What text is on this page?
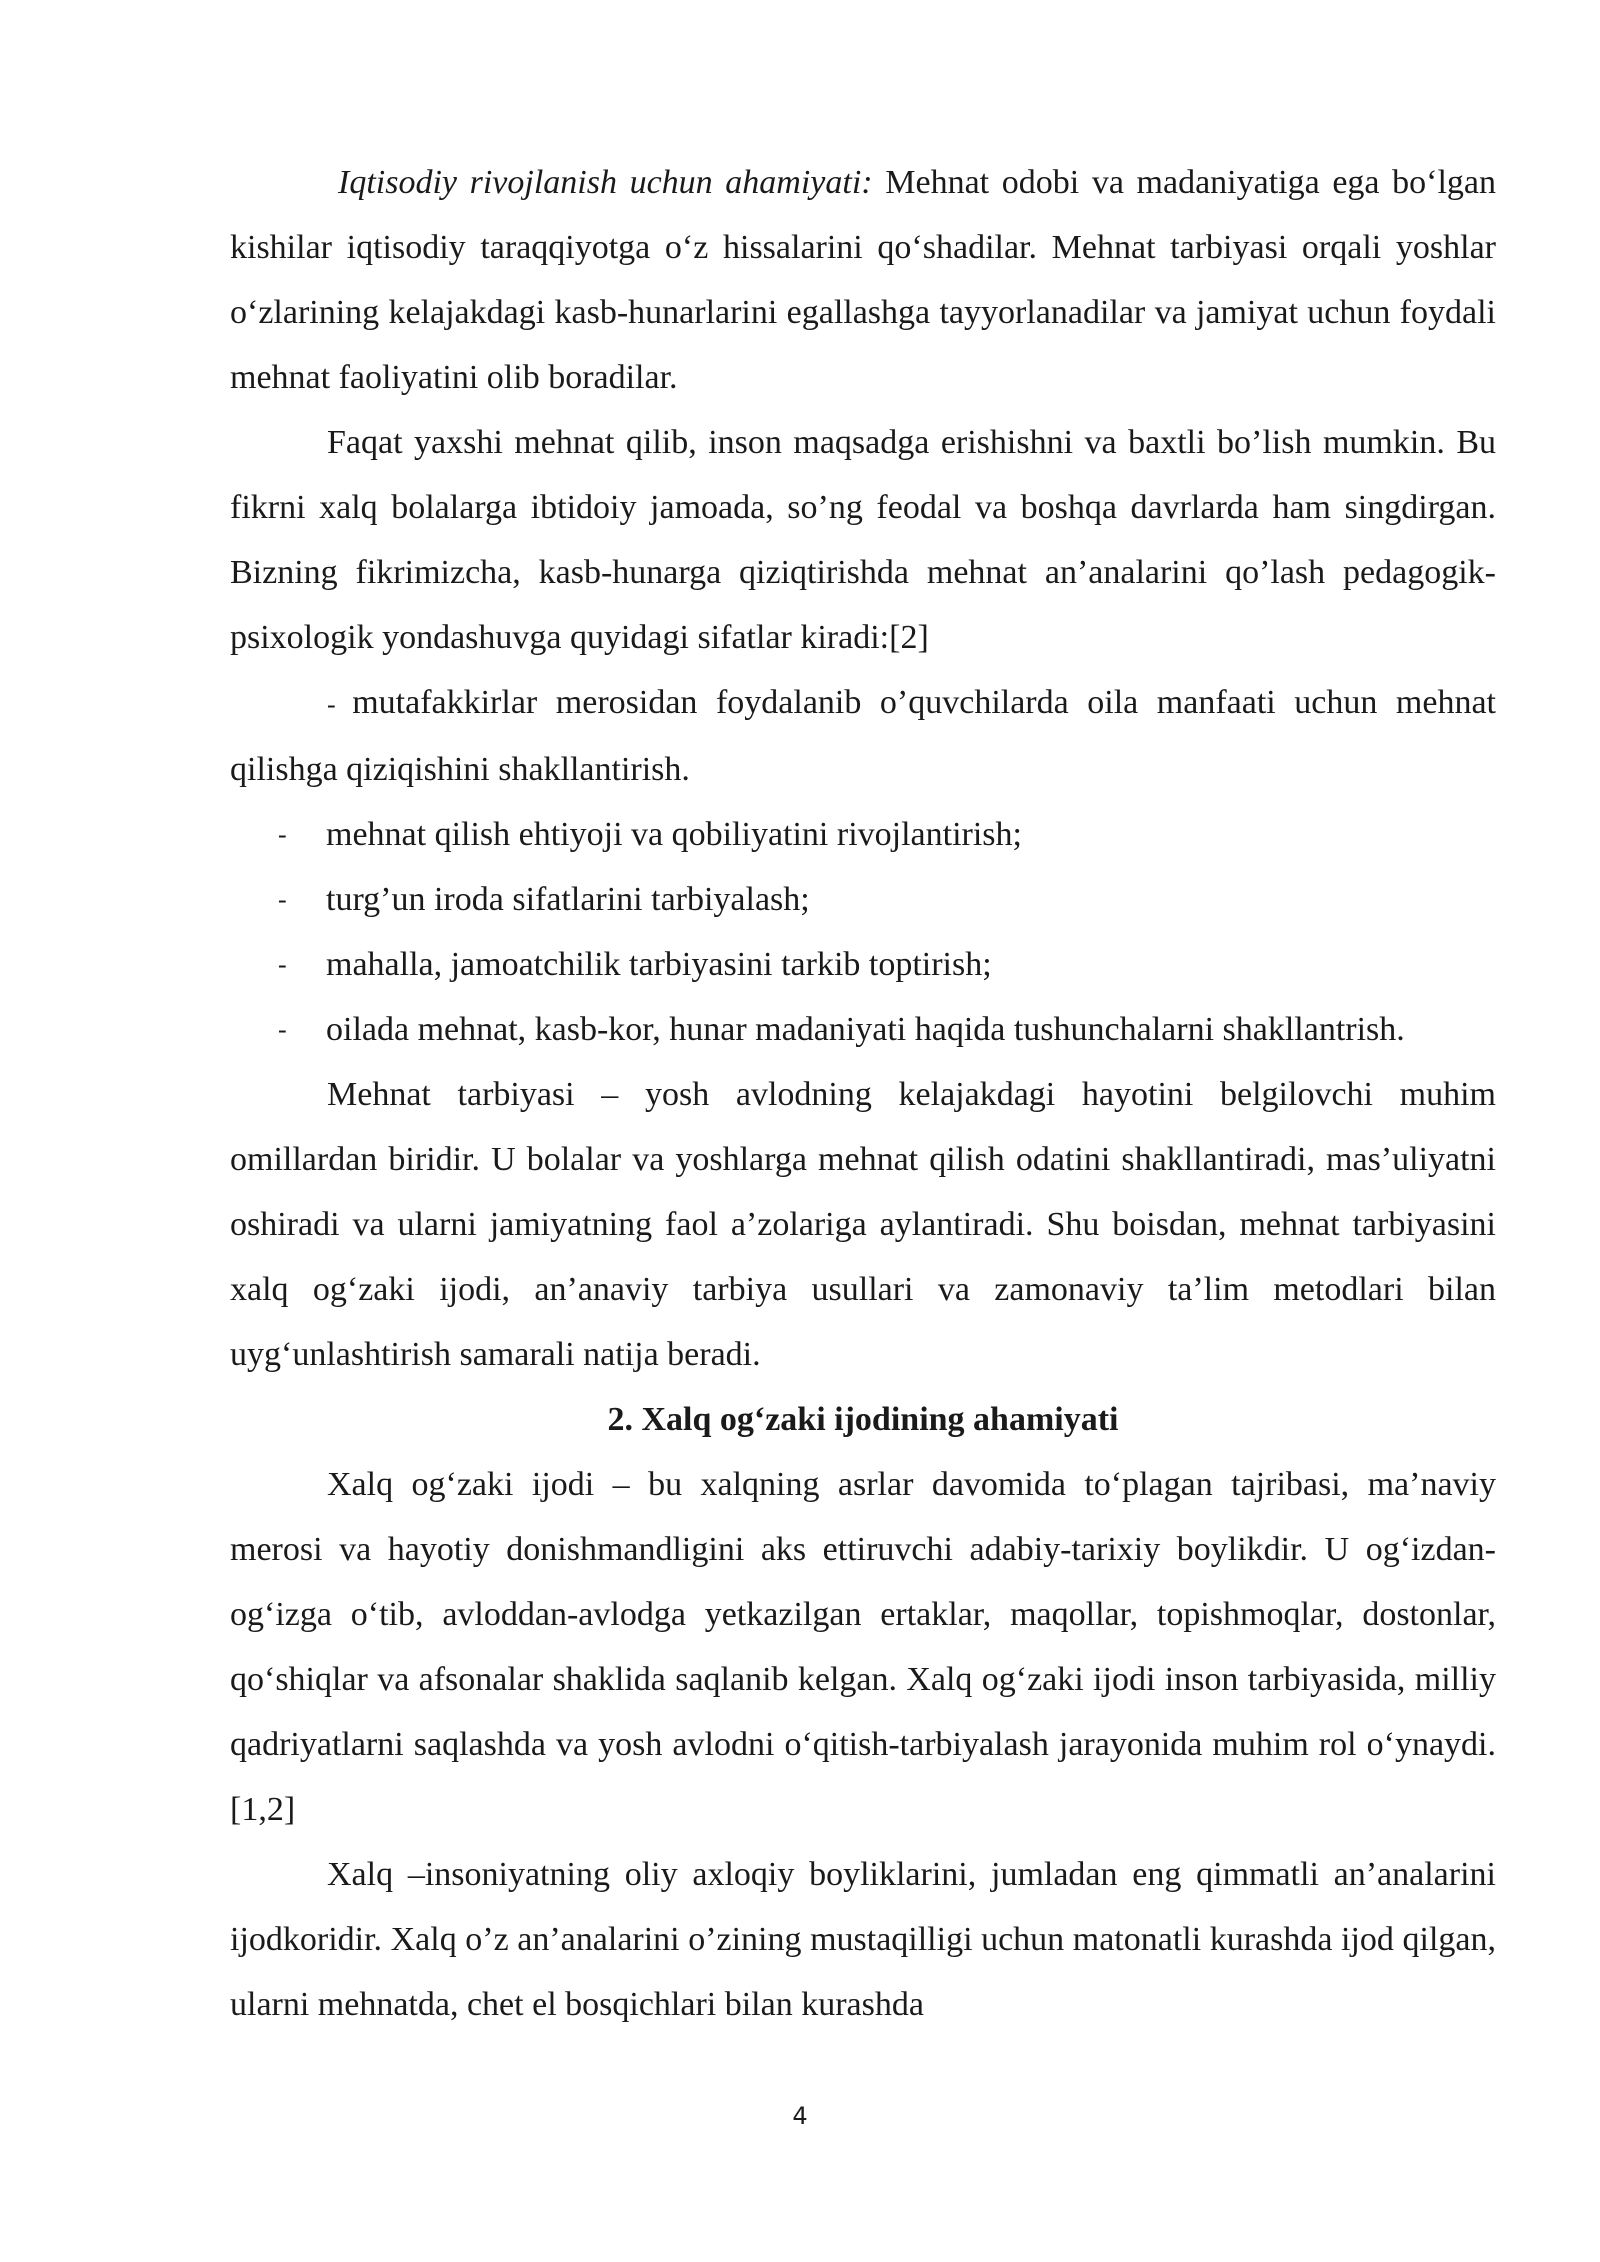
Iqtisodiy rivojlanish uchun ahamiyati: Mehnat odobi va madaniyatiga ega bo‘lgan kishilar iqtisodiy taraqqiyotga o‘z hissalarini qo‘shadilar. Mehnat tarbiyasi orqali yoshlar o‘zlarining kelajakdagi kasb-hunarlarini egallashga tayyorlanadilar va jamiyat uchun foydali mehnat faoliyatini olib boradilar.

Faqat yaxshi mehnat qilib, inson maqsadga erishishni va baxtli bo’lish mumkin. Bu fikrni xalq bolalarga ibtidoiy jamoada, so’ng feodal va boshqa davrlarda ham singdirgan. Bizning fikrimizcha, kasb-hunarga qiziqtirishda mehnat an’analarini qo’lash pedagogik-psixologik yondashuvga quyidagi sifatlar kiradi:[2]

- mutafakkirlar merosidan foydalanib o’quvchilarda oila manfaati uchun mehnat qilishga qiziqishini shakllantirish.

- mehnat qilish ehtiyoji va qobiliyatini rivojlantirish;
- turg’un iroda sifatlarini tarbiyalash;
- mahalla, jamoatchilik tarbiyasini tarkib toptirish;
- oilada mehnat, kasb-kor, hunar madaniyati haqida tushunchalarni shakllantrish.

Mehnat tarbiyasi – yosh avlodning kelajakdagi hayotini belgilovchi muhim omillardan biridir. U bolalar va yoshlarga mehnat qilish odatini shakllantiradi, mas’uliyatni oshiradi va ularni jamiyatning faol a’zolariga aylantiradi. Shu boisdan, mehnat tarbiyasini xalq og‘zaki ijodi, an’anaviy tarbiya usullari va zamonaviy ta’lim metodlari bilan uyg‘unlashtirish samarali natija beradi.

2. Xalq og‘zaki ijodining ahamiyati

Xalq og‘zaki ijodi – bu xalqning asrlar davomida to‘plagan tajribasi, ma’naviy merosi va hayotiy donishmandligini aks ettiruvchi adabiy-tarixiy boylikdir. U og‘izdan-og‘izga o‘tib, avloddan-avlodga yetkazilgan ertaklar, maqollar, topishmoqlar, dostonlar, qo‘shiqlar va afsonalar shaklida saqlanib kelgan. Xalq og‘zaki ijodi inson tarbiyasida, milliy qadriyatlarni saqlashda va yosh avlodni o‘qitish-tarbiyalash jarayonida muhim rol o‘ynaydi.[1,2]

Xalq –insoniyatning oliy axloqiy boyliklarini, jumladan eng qimmatli an’analarini ijodkoridir. Xalq o’z an’analarini o’zining mustaqilligi uchun matonatli kurashda ijod qilgan, ularni mehnatda, chet el bosqichlari bilan kurashda

4
